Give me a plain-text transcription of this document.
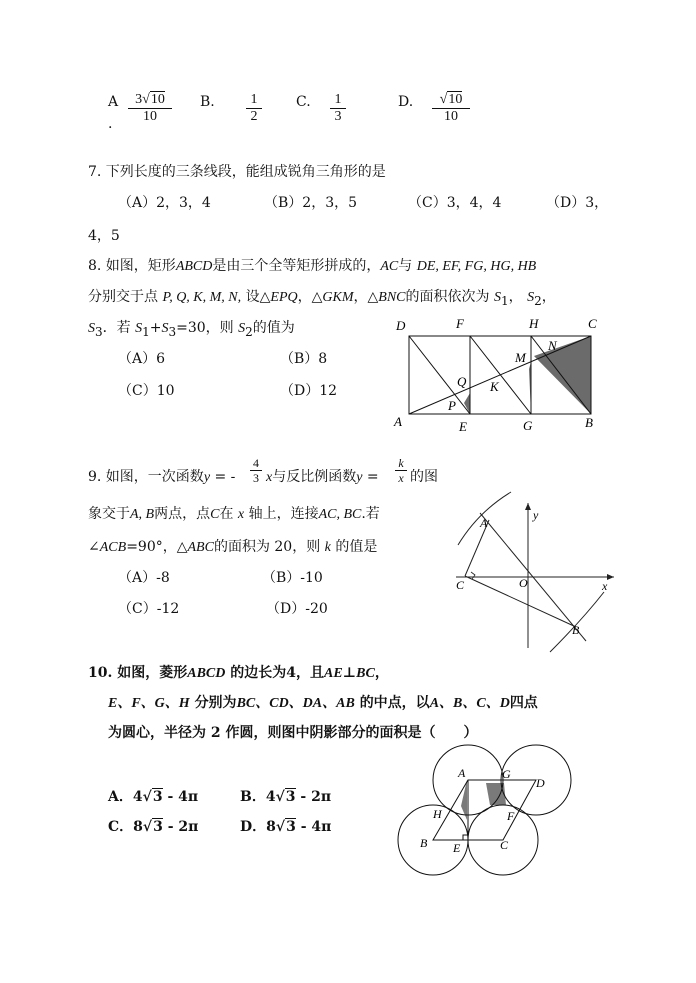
A
. $\frac{3√10}{10} B$. $\frac{1}{2} C$. $\frac{1}{3}$	D. $\frac{√10}{10}$
7. 下列长度的三条线段，能组成锐角三角形的是
（A）2，3，4	（B）2，3，5	（C）3，4，4	（D）3，
4，5
8. 如图，矩形ABCD是由三个全等矩形拼成的，AC与 DE, EF, FG, HG, HB
分别交于点 P, Q, K, M, N, 设△EPQ，△GKM，△BNC的面积依次为 $S_1$， $S_2$，
$S_3$．若 $S_1+S_3=30$，则 $S_2$的值为
（A）6	（B）8
（C）10	（D）12
D	F	H	C
N
M
Q K
P
A	E	G	B
9. 如图，一次函数y = - $\frac{4}{3}$ x与反比例函数$y = \frac{k}{x}$ 的图
象交于A, B两点，点C在 x 轴上，连接AC, BC.若
∠ACB=90°，△ABC的面积为 20，则 k 的值是
（A）-8	（B）-10
（C）-12	（D）-20
A
y
C	O	x
B
10. 如图，菱形ABCD 的边长为4，且AE⊥BC，
E、F、G、H 分别为BC、CD、DA、AB 的中点，以A、B、C、D四点
为圆心，半径为 2 作圆，则图中阴影部分的面积是（　　）
A．4√3 - 4π	B．4√3 - 2π
C．8√3 - 2π	D．8√3 - 4π
A	G
D
H	F
B E	C
